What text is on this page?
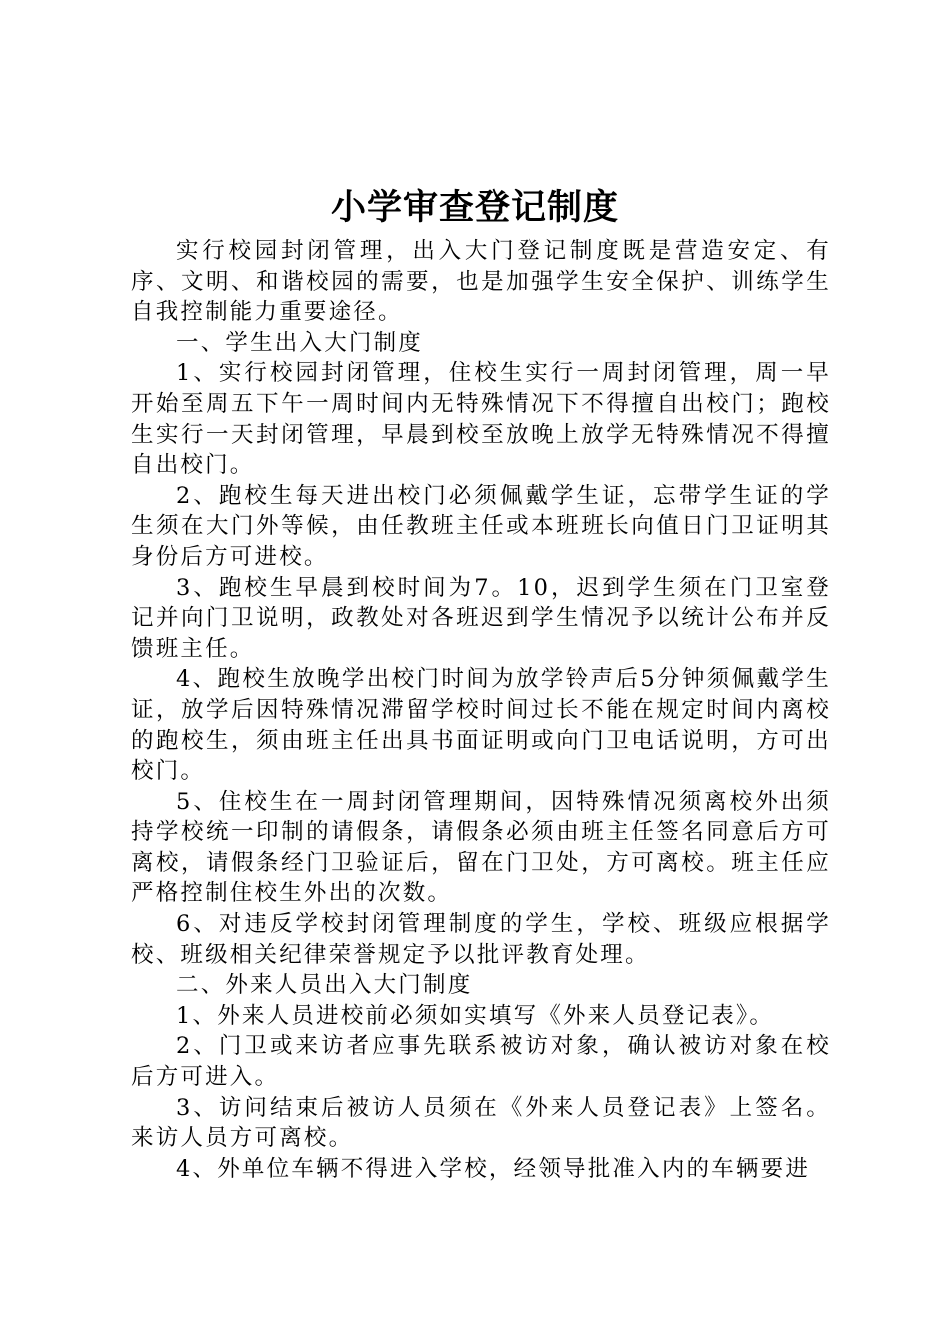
小学审查登记制度

实行校园封闭管理，出入大门登记制度既是营造安定、有序、文明、和谐校园的需要，也是加强学生安全保护、训练学生自我控制能力重要途径。

一、学生出入大门制度

1、实行校园封闭管理，住校生实行一周封闭管理，周一早开始至周五下午一周时间内无特殊情况下不得擅自出校门；跑校生实行一天封闭管理，早晨到校至放晚上放学无特殊情况不得擅自出校门。

2、跑校生每天进出校门必须佩戴学生证，忘带学生证的学生须在大门外等候，由任教班主任或本班班长向值日门卫证明其身份后方可进校。

3、跑校生早晨到校时间为7。10，迟到学生须在门卫室登记并向门卫说明，政教处对各班迟到学生情况予以统计公布并反馈班主任。

4、跑校生放晚学出校门时间为放学铃声后5分钟须佩戴学生证，放学后因特殊情况滞留学校时间过长不能在规定时间内离校的跑校生，须由班主任出具书面证明或向门卫电话说明，方可出校门。

5、住校生在一周封闭管理期间，因特殊情况须离校外出须持学校统一印制的请假条，请假条必须由班主任签名同意后方可离校，请假条经门卫验证后，留在门卫处，方可离校。班主任应严格控制住校生外出的次数。

6、对违反学校封闭管理制度的学生，学校、班级应根据学校、班级相关纪律荣誉规定予以批评教育处理。

二、外来人员出入大门制度

1、外来人员进校前必须如实填写《外来人员登记表》。

2、门卫或来访者应事先联系被访对象，确认被访对象在校后方可进入。

3、访问结束后被访人员须在《外来人员登记表》上签名。来访人员方可离校。

4、外单位车辆不得进入学校，经领导批准入内的车辆要进
